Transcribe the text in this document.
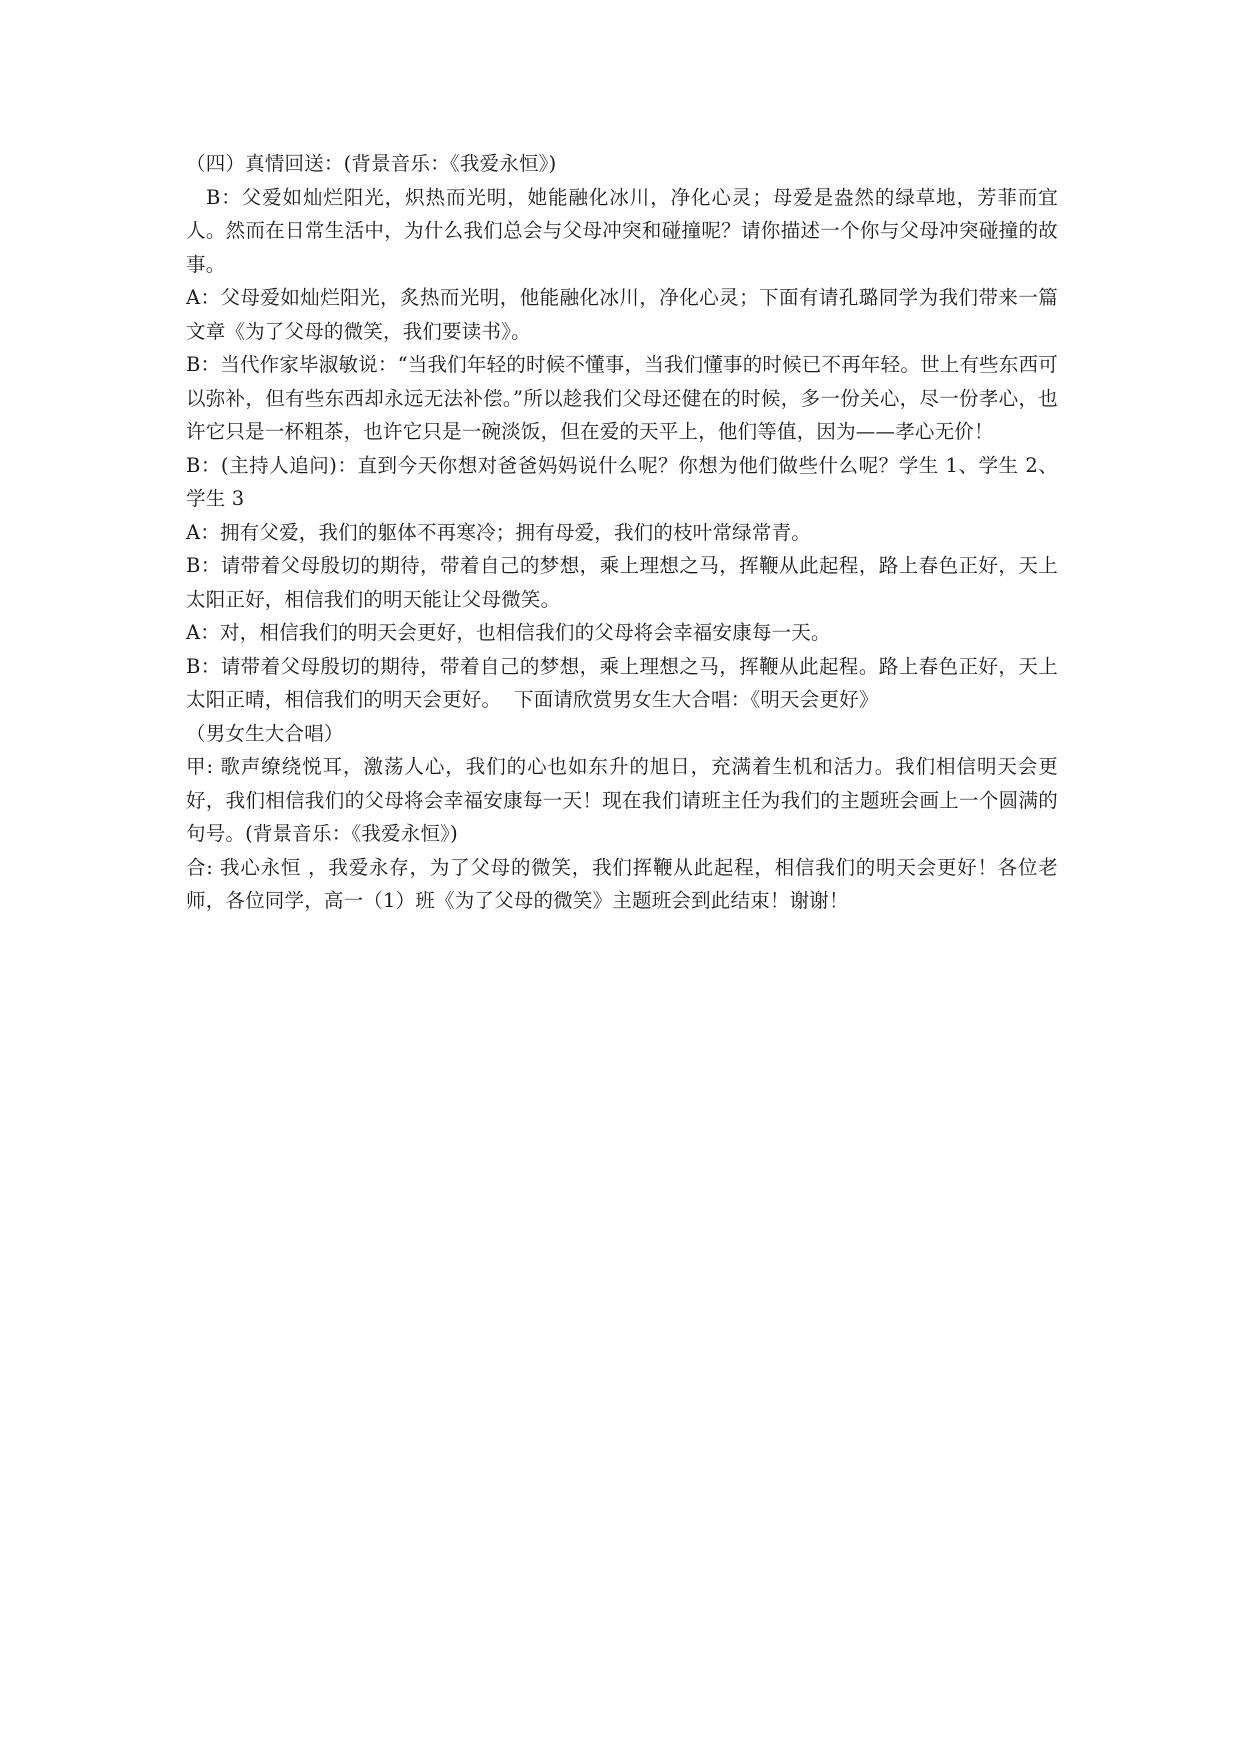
（四）真情回送：(背景音乐：《我爱永恒》)

B：父爱如灿烂阳光，炽热而光明，她能融化冰川，净化心灵；母爱是盎然的绿草地，芳菲而宜人。然而在日常生活中，为什么我们总会与父母冲突和碰撞呢？请你描述一个你与父母冲突碰撞的故事。

A：父母爱如灿烂阳光，炙热而光明，他能融化冰川，净化心灵；下面有请孔璐同学为我们带来一篇文章《为了父母的微笑，我们要读书》。

B：当代作家毕淑敏说：“当我们年轻的时候不懂事，当我们懂事的时候已不再年轻。世上有些东西可以弥补，但有些东西却永远无法补偿。”所以趁我们父母还健在的时候，多一份关心，尽一份孝心，也许它只是一杯粗茶，也许它只是一碗淡饭，但在爱的天平上，他们等值，因为——孝心无价！

B：(主持人追问)：直到今天你想对爸爸妈妈说什么呢？你想为他们做些什么呢？学生 1、学生 2、学生 3

A：拥有父爱，我们的躯体不再寒冷；拥有母爱，我们的枝叶常绿常青。

B：请带着父母殷切的期待，带着自己的梦想，乘上理想之马，挥鞭从此起程，路上春色正好，天上太阳正好，相信我们的明天能让父母微笑。

A：对，相信我们的明天会更好，也相信我们的父母将会幸福安康每一天。

B：请带着父母殷切的期待，带着自己的梦想，乘上理想之马，挥鞭从此起程。路上春色正好，天上太阳正晴，相信我们的明天会更好。  下面请欣赏男女生大合唱：《明天会更好》

（男女生大合唱）

甲: 歌声缭绕悦耳，激荡人心，我们的心也如东升的旭日，充满着生机和活力。我们相信明天会更好，我们相信我们的父母将会幸福安康每一天！现在我们请班主任为我们的主题班会画上一个圆满的句号。(背景音乐：《我爱永恒》)

合: 我心永恒 ，我爱永存，为了父母的微笑，我们挥鞭从此起程，相信我们的明天会更好！各位老师，各位同学，高一（1）班《为了父母的微笑》主题班会到此结束！谢谢！
